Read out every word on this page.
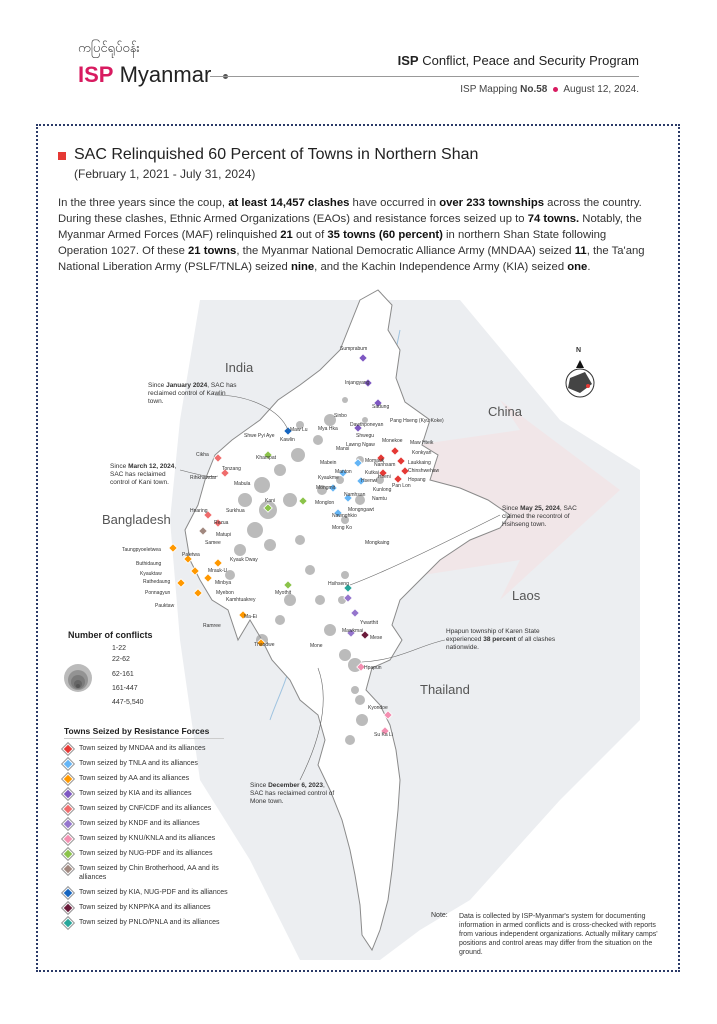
ကပြင်ရုပ်ဝန်း
ISP Myanmar
ISP Conflict, Peace and Security Program
ISP Mapping No.58 August 12, 2024.
SAC Relinquished 60 Percent of Towns in Northern Shan
(February 1, 2021 - July 31, 2024)
In the three years since the coup, at least 14,457 clashes have occurred in over 233 townships across the country. During these clashes, Ethnic Armed Organizations (EAOs) and resistance forces seized up to 74 towns. Notably, the Myanmar Armed Forces (MAF) relinquished 21 out of 35 towns (60 percent) in northern Shan State following Operation 1027. Of these 21 towns, the Myanmar National Democratic Alliance Army (MNDAA) seized 11, the Ta'ang National Liberation Army (PSLF/TNLA) seized nine, and the Kachin Independence Army (KIA) seized one.
India
China
Bangladesh
Laos
Thailand
N
Since January 2024, SAC has reclaimed control of Kawlin town.
Since March 12, 2024, SAC has reclaimed control of Kani town.
Since May 25, 2024, SAC claimed the recontrol of Hsihseng town.
Hpapun township of Karen State experienced 38 percent of all clashes nationwide.
Since December 6, 2023, SAC has reclaimed control of Mone town.
Sumprabum
Injangyang
Sadung
Sinbo
Shwegu
Pang Hseng (Kyu Koke)
Maw Hteik
Konkyan
Laukkaing
Chinshwehaw
Hopang
Pan Lon
Momauk
Mansi
Mabein
Namtu
Kunlong
Kutkai
Manton
Monglon
Mongmit
Namhsan
Hsenwi
Kyaukme
Nawnghkio
Mongngawt
Mongkaing
Hsihseng
Mawkmai
Ywarthit
Mese
Mone
Hpapun
Kyondoe
Su Ka Li
Kani
Kawlin
Shwe Pyi Aye
Khampat
Cikha
Tonzang
Rihkhawdar
Mabula
Hnaring	Surkhua
Rezua
Matupi
Samee
Mrauk-U
Kyauktaw
Taungpyoeletwea
Paletwa
Buthidaung
Ponnagyun
Rathedaung
Pauktaw
Minbya
Myebon
Kyauk Dway
Kamhtuakrey
Myothit
Ramree
Ma-Ei
Thandwe
Maw Lu Mya Hka
Dawthponeyan
Lawng Ngaw
Monekoe
Nanhsam
Hseni
Mong Ko
Number of conflicts
1-22
22-62
62-161
161-447
447-5,540
Towns Seized by Resistance Forces
Town seized by MNDAA and its alliances
Town seized by TNLA and its alliances
Town seized by AA and its alliances
Town seized by KIA and its alliances
Town seized by CNF/CDF and its alliances
Town seized by KNDF and its alliances
Town seized by KNU/KNLA and its alliances
Town seized by NUG-PDF and its alliances
Town seized by Chin Brotherhood, AA and its alliances
Town seized by KIA, NUG-PDF and its alliances
Town seized by KNPP/KA and its alliances
Town seized by PNLO/PNLA and its alliances
Note: Data is collected by ISP-Myanmar's system for documenting information in armed conflicts and is cross-checked with reports from various independent organizations. Actually military camps' positions and control areas may differ from the situation on the ground.
